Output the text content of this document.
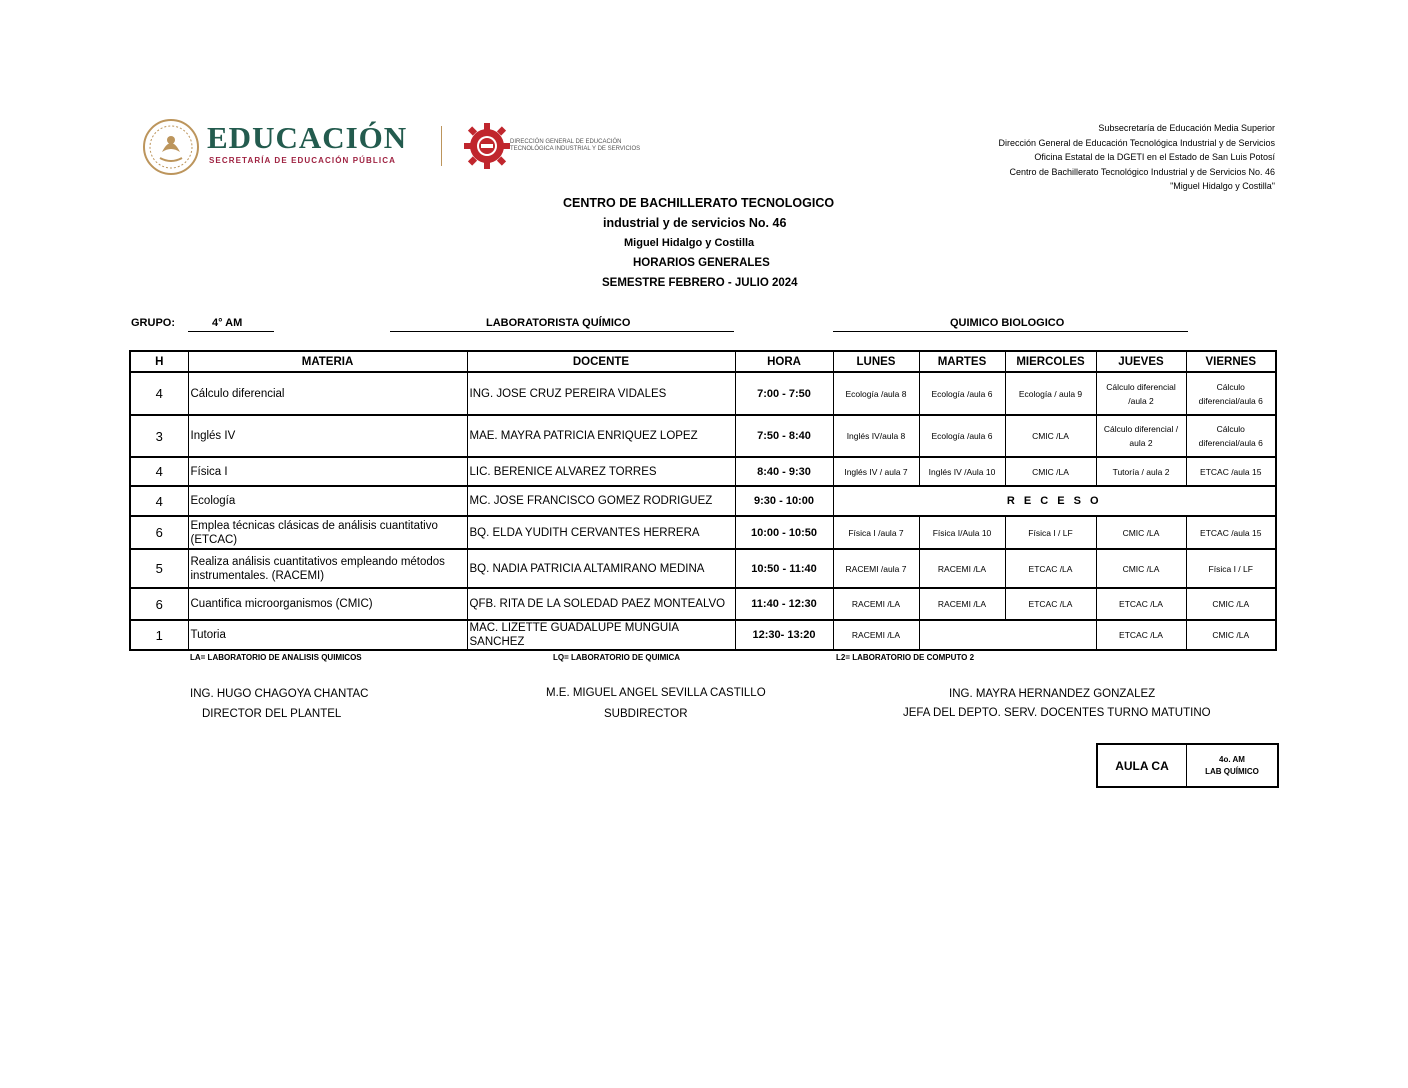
EDUCACIÓN
SECRETARÍA DE EDUCACIÓN PÚBLICA
DIRECCIÓN GENERAL DE EDUCACIÓN
TECNOLÓGICA INDUSTRIAL Y DE SERVICIOS
Subsecretaría de Educación Media Superior
Dirección General de Educación Tecnológica Industrial y de Servicios
Oficina Estatal de la DGETI en el Estado de San Luis Potosí
Centro de Bachillerato Tecnológico Industrial y de Servicios No. 46
"Miguel Hidalgo y Costilla"
CENTRO DE BACHILLERATO TECNOLOGICO
industrial y de servicios No. 46
Miguel Hidalgo y Costilla
HORARIOS GENERALES
SEMESTRE FEBRERO - JULIO 2024
GRUPO:	4° AM	LABORATORISTA QUÍMICO	QUIMICO BIOLOGICO
H	MATERIA	DOCENTE	HORA	LUNES	MARTES	MIERCOLES	JUEVES	VIERNES
4	Cálculo diferencial	ING. JOSE CRUZ PEREIRA VIDALES	7:00 - 7:50	Ecología /aula 8	Ecología /aula 6	Ecología / aula 9	Cálculo diferencial /aula 2	Cálculo diferencial/aula 6
3	Inglés IV	MAE. MAYRA PATRICIA ENRIQUEZ LOPEZ	7:50 - 8:40	Inglés IV/aula 8	Ecología /aula 6	CMIC /LA	Cálculo diferencial / aula 2	Cálculo diferencial/aula 6
4	Física I	LIC. BERENICE ALVAREZ TORRES	8:40 - 9:30	Inglés IV / aula 7	Inglés IV /Aula 10	CMIC /LA	Tutoría / aula 2	ETCAC /aula 15
4	Ecología	MC. JOSE FRANCISCO GOMEZ RODRIGUEZ	9:30 - 10:00	R E C E S O				
6	Emplea técnicas clásicas de análisis cuantitativo (ETCAC)	BQ. ELDA YUDITH CERVANTES HERRERA	10:00 - 10:50	Física I /aula 7	Física I/Aula 10	Física I / LF	CMIC /LA	ETCAC /aula 15
5	Realiza análisis cuantitativos empleando métodos instrumentales. (RACEMI)	BQ. NADIA PATRICIA ALTAMIRANO MEDINA	10:50 - 11:40	RACEMI /aula 7	RACEMI /LA	ETCAC /LA	CMIC /LA	Física I / LF
6	Cuantifica microorganismos (CMIC)	QFB. RITA DE LA SOLEDAD PAEZ MONTEALVO	11:40 - 12:30	RACEMI /LA	RACEMI /LA	ETCAC /LA	ETCAC /LA	CMIC /LA
1	Tutoria	MAC. LIZETTE GUADALUPE MUNGUIA SANCHEZ	12:30- 13:20	RACEMI /LA			ETCAC /LA	CMIC /LA
LA= LABORATORIO DE ANALISIS QUIMICOS	LQ= LABORATORIO DE QUIMICA	L2= LABORATORIO DE COMPUTO 2
ING. HUGO CHAGOYA CHANTAC
DIRECTOR DEL PLANTEL
M.E. MIGUEL ANGEL SEVILLA CASTILLO
SUBDIRECTOR
ING. MAYRA HERNANDEZ GONZALEZ
JEFA DEL DEPTO. SERV. DOCENTES TURNO MATUTINO
AULA CA	4o. AM
LAB QUÍMICO
